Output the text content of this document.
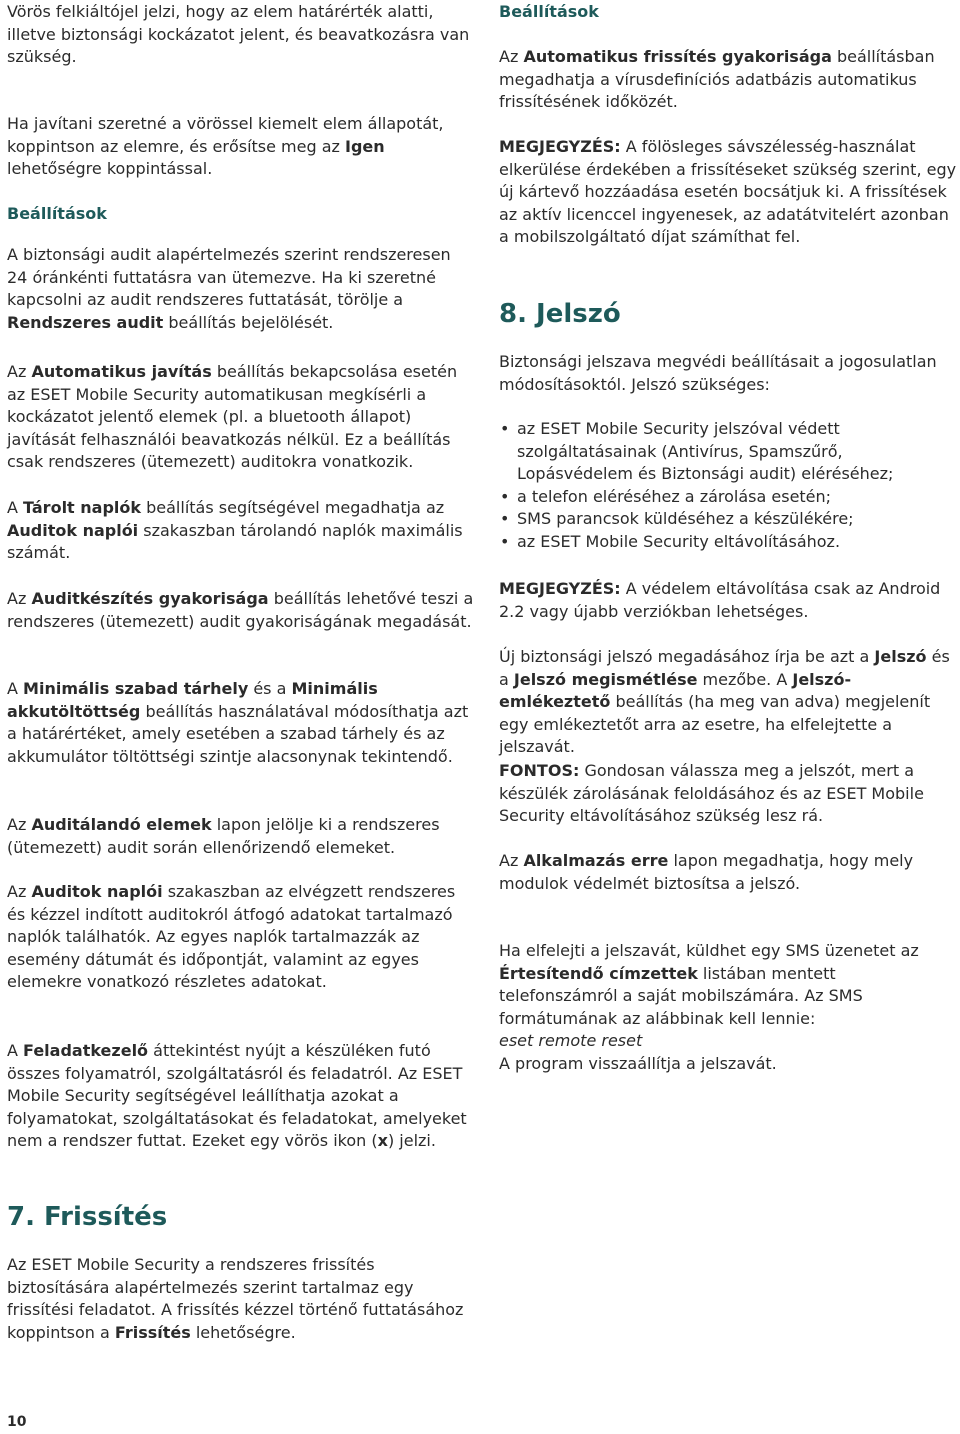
Vörös felkiáltójel jelzi, hogy az elem határérték alatti, illetve biztonsági kockázatot jelent, és beavatkozásra van szükség.

Ha javítani szeretné a vörössel kiemelt elem állapotát, koppintson az elemre, és erősítse meg az Igen lehetőségre koppintással.

Beállítások

A biztonsági audit alapértelmezés szerint rendszeresen 24 óránkénti futtatásra van ütemezve. Ha ki szeretné kapcsolni az audit rendszeres futtatását, törölje a Rendszeres audit beállítás bejelölését.

Az Automatikus javítás beállítás bekapcsolása esetén az ESET Mobile Security automatikusan megkísérli a kockázatot jelentő elemek (pl. a bluetooth állapot) javítását felhasználói beavatkozás nélkül. Ez a beállítás csak rendszeres (ütemezett) auditokra vonatkozik.

A Tárolt naplók beállítás segítségével megadhatja az Auditok naplói szakaszban tárolandó naplók maximális számát.

Az Auditkészítés gyakorisága beállítás lehetővé teszi a rendszeres (ütemezett) audit gyakoriságának megadását.

A Minimális szabad tárhely és a Minimális akkutöltöttség beállítás használatával módosíthatja azt a határértéket, amely esetében a szabad tárhely és az akkumulátor töltöttségi szintje alacsonynak tekintendő.

Az Auditálandó elemek lapon jelölje ki a rendszeres (ütemezett) audit során ellenőrizendő elemeket.

Az Auditok naplói szakaszban az elvégzett rendszeres és kézzel indított auditokról átfogó adatokat tartalmazó naplók találhatók. Az egyes naplók tartalmazzák az esemény dátumát és időpontját, valamint az egyes elemekre vonatkozó részletes adatokat.

A Feladatkezelő áttekintést nyújt a készüléken futó összes folyamatról, szolgáltatásról és feladatról. Az ESET Mobile Security segítségével leállíthatja azokat a folyamatokat, szolgáltatásokat és feladatokat, amelyeket nem a rendszer futtat. Ezeket egy vörös ikon (x) jelzi.

7. Frissítés

Az ESET Mobile Security a rendszeres frissítés biztosítására alapértelmezés szerint tartalmaz egy frissítési feladatot. A frissítés kézzel történő futtatásához koppintson a Frissítés lehetőségre.

Beállítások

Az Automatikus frissítés gyakorisága beállításban megadhatja a vírusdefiníciós adatbázis automatikus frissítésének időközét.

MEGJEGYZÉS: A fölösleges sávszélesség-használat elkerülése érdekében a frissítéseket szükség szerint, egy új kártevő hozzáadása esetén bocsátjuk ki. A frissítések az aktív licenccel ingyenesek, az adatátvitelért azonban a mobilszolgáltató díjat számíthat fel.

8. Jelszó

Biztonsági jelszava megvédi beállításait a jogosulatlan módosításoktól. Jelszó szükséges:

• az ESET Mobile Security jelszóval védett szolgáltatásainak (Antivírus, Spamszűrő, Lopásvédelem és Biztonsági audit) eléréséhez;
• a telefon eléréséhez a zárolása esetén;
• SMS parancsok küldéséhez a készülékére;
• az ESET Mobile Security eltávolításához.

MEGJEGYZÉS: A védelem eltávolítása csak az Android 2.2 vagy újabb verziókban lehetséges.

Új biztonsági jelszó megadásához írja be azt a Jelszó és a Jelszó megismétlése mezőbe. A Jelszó-emlékeztető beállítás (ha meg van adva) megjelenít egy emlékeztetőt arra az esetre, ha elfelejtette a jelszavát.

FONTOS: Gondosan válassza meg a jelszót, mert a készülék zárolásának feloldásához és az ESET Mobile Security eltávolításához szükség lesz rá.

Az Alkalmazás erre lapon megadhatja, hogy mely modulok védelmét biztosítsa a jelszó.

Ha elfelejti a jelszavát, küldhet egy SMS üzenetet az Értesítendő címzettek listában mentett telefonszámról a saját mobilszámára. Az SMS formátumának az alábbinak kell lennie:

eset remote reset

A program visszaállítja a jelszavát.

10
